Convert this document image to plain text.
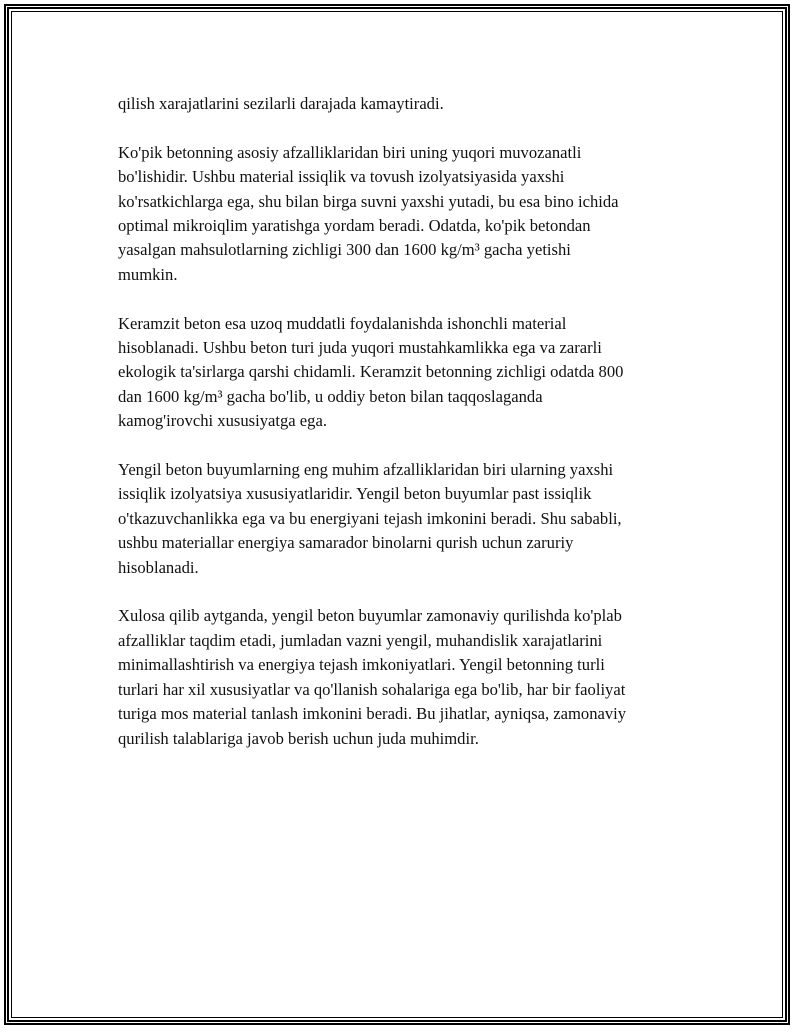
qilish xarajatlarini sezilarli darajada kamaytiradi.

Ko'pik betonning asosiy afzalliklaridan biri uning yuqori muvozanatli
bo'lishidir. Ushbu material issiqlik va tovush izolyatsiyasida yaxshi
ko'rsatkichlarga ega, shu bilan birga suvni yaxshi yutadi, bu esa bino ichida
optimal mikroiqlim yaratishga yordam beradi. Odatda, ko'pik betondan
yasalgan mahsulotlarning zichligi 300 dan 1600 kg/m³ gacha yetishi
mumkin.

Keramzit beton esa uzoq muddatli foydalanishda ishonchli material
hisoblanadi. Ushbu beton turi juda yuqori mustahkamlikka ega va zararli
ekologik ta'sirlarga qarshi chidamli. Keramzit betonning zichligi odatda 800
dan 1600 kg/m³ gacha bo'lib, u oddiy beton bilan taqqoslaganda
kamog'irovchi xususiyatga ega.

Yengil beton buyumlarning eng muhim afzalliklaridan biri ularning yaxshi
issiqlik izolyatsiya xususiyatlaridir. Yengil beton buyumlar past issiqlik
o'tkazuvchanlikka ega va bu energiyani tejash imkonini beradi. Shu sababli,
ushbu materiallar energiya samarador binolarni qurish uchun zaruriy
hisoblanadi.

Xulosa qilib aytganda, yengil beton buyumlar zamonaviy qurilishda ko'plab
afzalliklar taqdim etadi, jumladan vazni yengil, muhandislik xarajatlarini
minimallashtirish va energiya tejash imkoniyatlari. Yengil betonning turli
turlari har xil xususiyatlar va qo'llanish sohalariga ega bo'lib, har bir faoliyat
turiga mos material tanlash imkonini beradi. Bu jihatlar, ayniqsa, zamonaviy
qurilish talablariga javob berish uchun juda muhimdir.
